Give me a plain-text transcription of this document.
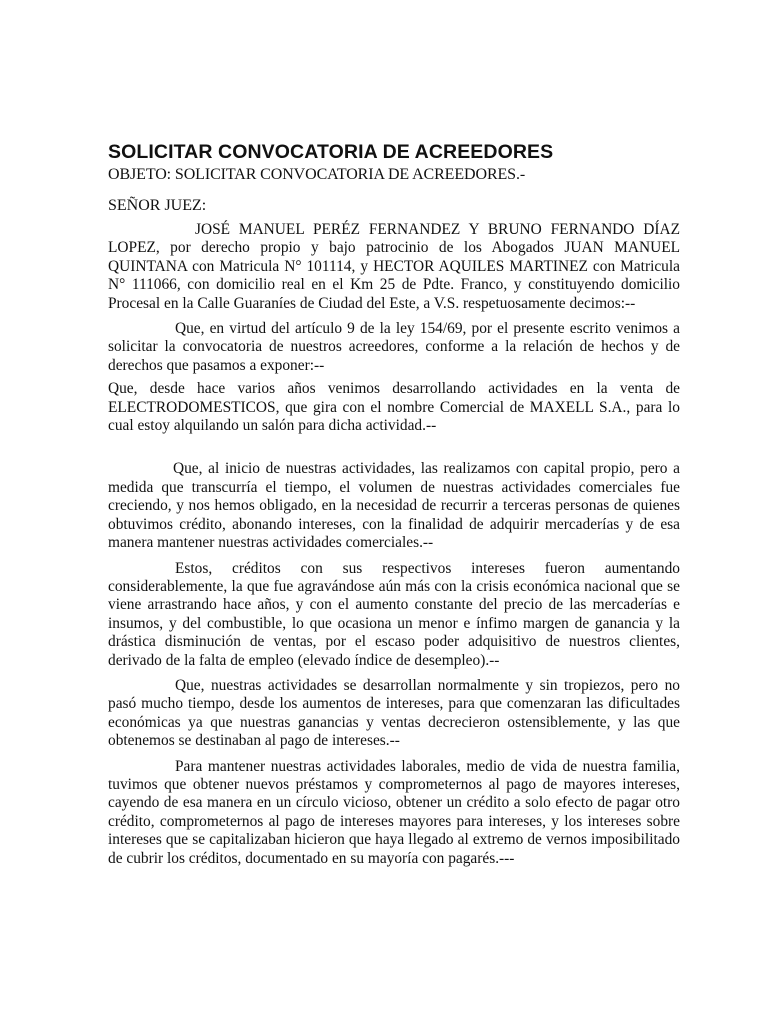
SOLICITAR CONVOCATORIA DE ACREEDORES
OBJETO: SOLICITAR CONVOCATORIA DE ACREEDORES.-
SEÑOR JUEZ:

JOSÉ MANUEL PERÉZ FERNANDEZ Y BRUNO FERNANDO DÍAZ LOPEZ, por derecho propio y bajo patrocinio de los Abogados JUAN MANUEL QUINTANA con Matricula N° 101114, y HECTOR AQUILES MARTINEZ con Matricula N° 111066, con domicilio real en el Km 25 de Pdte. Franco, y constituyendo domicilio Procesal en la Calle Guaraníes de Ciudad del Este, a V.S. respetuosamente decimos:--

Que, en virtud del artículo 9 de la ley 154/69, por el presente escrito venimos a solicitar la convocatoria de nuestros acreedores, conforme a la relación de hechos y de derechos que pasamos a exponer:--

Que, desde hace varios años venimos desarrollando actividades en la venta de ELECTRODOMESTICOS, que gira con el nombre Comercial de MAXELL S.A., para lo cual estoy alquilando un salón para dicha actividad.--

Que, al inicio de nuestras actividades, las realizamos con capital propio, pero a medida que transcurría el tiempo, el volumen de nuestras actividades comerciales fue creciendo, y nos hemos obligado, en la necesidad de recurrir a terceras personas de quienes obtuvimos crédito, abonando intereses, con la finalidad de adquirir mercaderías y de esa manera mantener nuestras actividades comerciales.--

Estos, créditos con sus respectivos intereses fueron aumentando considerablemente, la que fue agravándose aún más con la crisis económica nacional que se viene arrastrando hace años, y con el aumento constante del precio de las mercaderías e insumos, y del combustible, lo que ocasiona un menor e ínfimo margen de ganancia y la drástica disminución de ventas, por el escaso poder adquisitivo de nuestros clientes, derivado de la falta de empleo (elevado índice de desempleo).--

Que, nuestras actividades se desarrollan normalmente y sin tropiezos, pero no pasó mucho tiempo, desde los aumentos de intereses, para que comenzaran las dificultades económicas ya que nuestras ganancias y ventas decrecieron ostensiblemente, y las que obtenemos se destinaban al pago de intereses.--

Para mantener nuestras actividades laborales, medio de vida de nuestra familia, tuvimos que obtener nuevos préstamos y comprometernos al pago de mayores intereses, cayendo de esa manera en un círculo vicioso, obtener un crédito a solo efecto de pagar otro crédito, comprometernos al pago de intereses mayores para intereses, y los intereses sobre intereses que se capitalizaban hicieron que haya llegado al extremo de vernos imposibilitado de cubrir los créditos, documentado en su mayoría con pagarés.---
